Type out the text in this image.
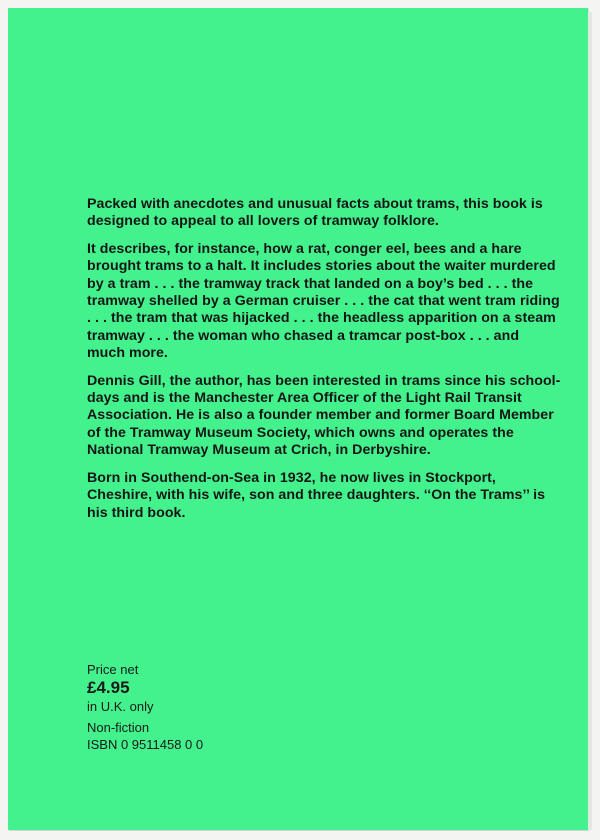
Packed with anecdotes and unusual facts about trams, this book is designed to appeal to all lovers of tramway folklore.

It describes, for instance, how a rat, conger eel, bees and a hare brought trams to a halt. It includes stories about the waiter murdered by a tram . . . the tramway track that landed on a boy’s bed . . . the tramway shelled by a German cruiser . . . the cat that went tram riding . . . the tram that was hijacked . . . the headless apparition on a steam tramway . . . the woman who chased a tramcar post-box . . . and much more.

Dennis Gill, the author, has been interested in trams since his school-days and is the Manchester Area Officer of the Light Rail Transit Association. He is also a founder member and former Board Member of the Tramway Museum Society, which owns and operates the National Tramway Museum at Crich, in Derbyshire.

Born in Southend-on-Sea in 1932, he now lives in Stockport, Cheshire, with his wife, son and three daughters. ‘‘On the Trams’’ is his third book.

Price net
£4.95
in U.K. only
Non-fiction
ISBN 0 9511458 0 0
